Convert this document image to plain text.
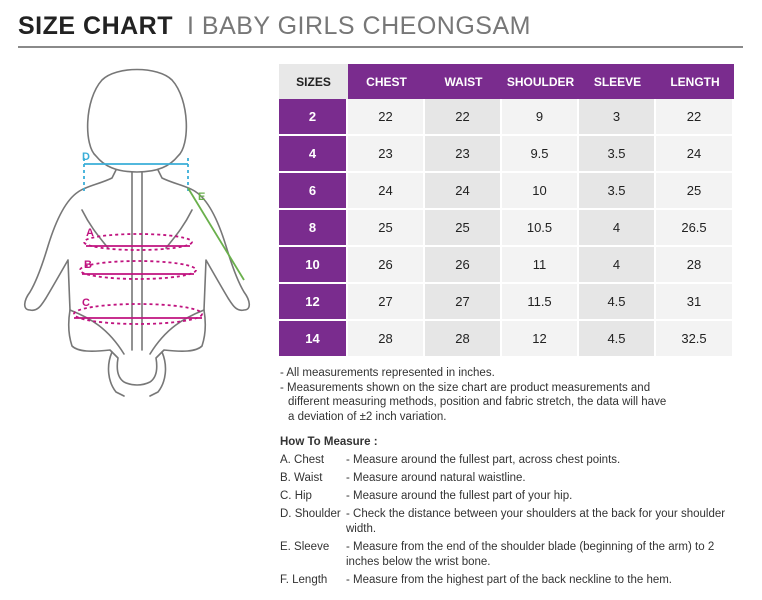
SIZE CHART I BABY GIRLS CHEONGSAM
D
E
A
B
C
SIZES	CHEST	WAIST	SHOULDER	SLEEVE	LENGTH
2	22	22	9	3	22
4	23	23	9.5	3.5	24
6	24	24	10	3.5	25
8	25	25	10.5	4	26.5
10	26	26	11	4	28
12	27	27	11.5	4.5	31
14	28	28	12	4.5	32.5

- All measurements represented in inches.

- Measurements shown on the size chart are product measurements and

different measuring methods, position and fabric stretch, the data will have

a deviation of ±2 inch variation.

How To Measure :
A. Chest	- Measure around the fullest part, across chest points.
B. Waist	- Measure around natural waistline.
C. Hip	- Measure around the fullest part of your hip.
D. Shoulder - Check the distance between your shoulders at the back for your shoulder width.
E. Sleeve	- Measure from the end of the shoulder blade (beginning of the arm) to 2 inches below the wrist bone.
F. Length	- Measure from the highest part of the back neckline to the hem.
